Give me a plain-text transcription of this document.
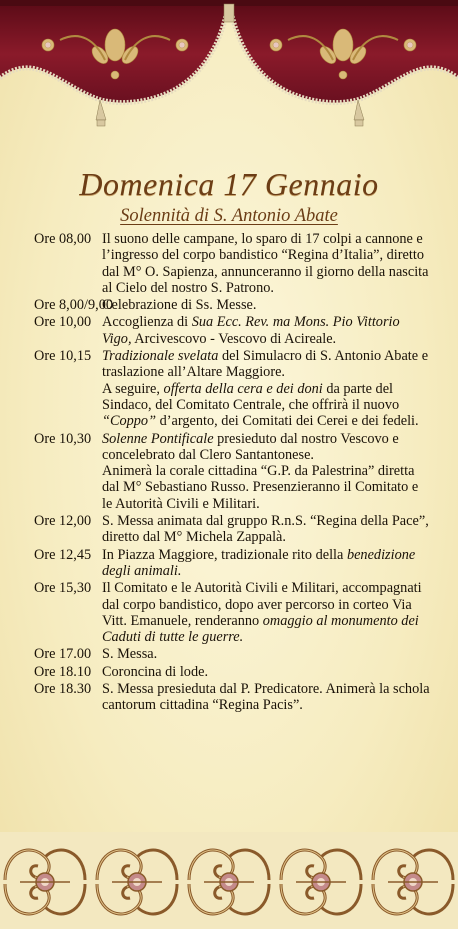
Domenica 17 Gennaio
Solennità di S. Antonio Abate
Ore 08,00 Il suono delle campane, lo sparo di 17 colpi a cannone e l’ingresso del corpo bandistico “Regina d’Italia”, diretto dal M° O. Sapienza, annunceranno il giorno della nascita al Cielo del nostro S. Patrono.

Ore 8,00/9,00

Celebrazione di Ss. Messe.

Ore 10,00 Accoglienza di Sua Ecc. Rev. ma Mons. Pio Vittorio Vigo, Arcivescovo - Vescovo di Acireale.

Ore 10,15 Tradizionale svelata del Simulacro di S. Antonio Abate e traslazione all’Altare Maggiore.

A seguire, offerta della cera e dei doni da parte del Sindaco, del Comitato Centrale, che offrirà il nuovo “Coppo” d’argento, dei Comitati dei Cerei e dei fedeli.

Ore 10,30 Solenne Pontificale presieduto dal nostro Vescovo e concelebrato dal Clero Santantonese.

Animerà la corale cittadina “G.P. da Palestrina” diretta dal M° Sebastiano Russo. Presenzieranno il Comitato e le Autorità Civili e Militari.

Ore 12,00 S. Messa animata dal gruppo R.n.S. “Regina della Pace”, diretto dal M° Michela Zappalà.

Ore 12,45 In Piazza Maggiore, tradizionale rito della benedizione degli animali.

Ore 15,30 Il Comitato e le Autorità Civili e Militari, accompagnati dal corpo bandistico, dopo aver percorso in corteo Via Vitt. Emanuele, renderanno omaggio al monumento dei Caduti di tutte le guerre.

Ore 17.00 S. Messa.

Ore 18.10 Coroncina di lode.

Ore 18.30 S. Messa presieduta dal P. Predicatore. Animerà la schola cantorum cittadina “Regina Pacis”.
